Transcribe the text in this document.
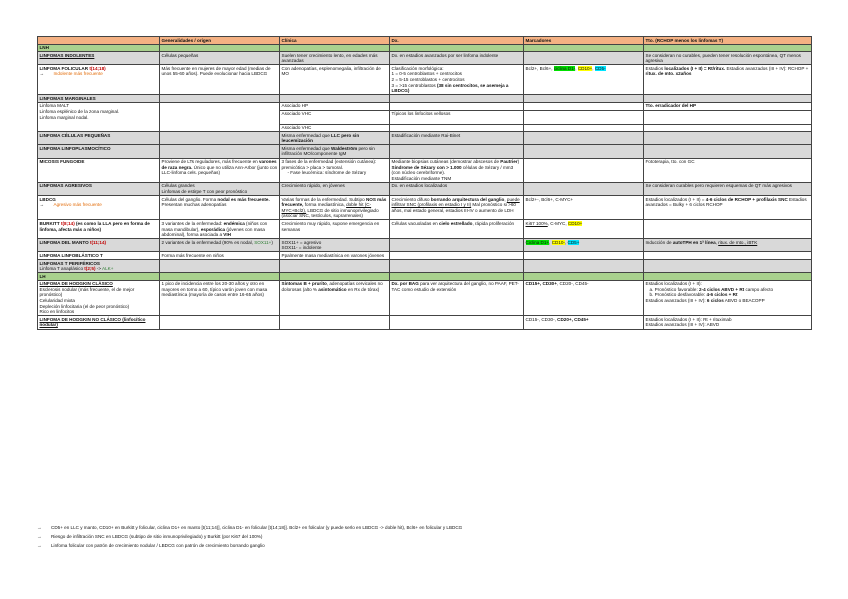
	Generalidades / origen	Clínica	Dx.	Marcadores	Tto. (RCHOP menos los linfomas T)
LNH					
LINFOMAS INDOLENTES	Células pequeñas	Suelen tener crecimiento lento, en edades más avanzadas	Dx. en estadios avanzados por ser linfoma indolente		Se consideran no curables, pueden tener resolución espontánea, QT menos agresiva
LINFOMA FOLICULAR t(14;18)
→ Indolente más frecuente	Más frecuente en mujeres de mayor edad (medias de unos 55-60 años). Puede evolucionar hacia LBDCG	Con adenopatías, esplenomegalia, infiltración de MO	Clasificación morfológica:
1 = 0-5 centroblastos + centrocitos
2 = 5-15 centroblastos + centrocitos
3 = >15 centroblastos (38 sin centrocitos, se asemeja a LBDCG)	Bcl2+, Bcl6+, ciclina D1-, CD10+, CD5-	Estadios localizados (I + II) = Rt/ritux. Estadios avanzados (III + IV): RCHOP + ritux. de mto. x2años
LINFOMAS MARGINALES					
Linfoma MALT
Linfoma esplénico de la zona marginal.
Linfoma marginal nodal.		Asociado HP			Tto. erradicador del HP
		Asociado VHC	Típicos los linfocitos vellosos		
		Asociado VHC			
LINFOMA CÉLULAS PEQUEÑAS		Misma enfermedad que LLC pero sin leucemización	Estadificación mediante Rai-Binet		
LINFOMA LINFOPLASMOCÍTICO		Misma enfermedad que Waldeström pero sin infiltración MO/componente IgM			
MICOSIS FUNGOIDE	Proviene de LTs reguladores, más frecuente en varones de raza negra. Único que no utiliza Ann-Arbor (junto con LLC-linfoma cels. pequeñas)	3 fases de la enfermedad (extensión cutánea): premicótica > placa > tumoral.
- Fase leucémica: síndrome de Sézary	Mediante biopsias cutáneas (demostrar abscesos de Pautrier)
Síndrome de Sézary con > 1.000 células de Sézary / mm3 (con núcleo cerebriforme).
Estadificación mediante TNM		Fototerapia, tto. con GC
LINFOMAS AGRESIVOS	Células grandes
Linfomas de estirpe T con peor pronóstico	Crecimiento rápido, en jóvenes	Dx. en estadios localizados		Se consideran curables pero requieren esquemas de QT más agresivos
LBDCG
→ Agresivo más frecuente	Células del ganglio. Forma nodal es más frecuente. Presentan muchas adenopatías	Varias formas de la enfermedad. Subtipo NOS más frecuente, forma mediastínica, doble hit (C-MYC+Bcl2), LBDCG de sitio inmunoprivilegiado (asociar SNC, testículos, suprarrenales)	Crecimiento difuso borrando arquitectura del ganglio, puede infiltrar SNC (profilaxis en estadio I y II) Mal pronóstico si >60 años, mal estado general, estadios III-IV o aumento de LDH	Bcl2+-, Bcl6+, C-MYC+	Estadios localizados (I + II) = 4-6 ciclos de RCHOP + profilaxis SNC Estadios avanzados = Bulky + 6 ciclos RCHOP
BURKITT t(8;14) (es como la LLA pero en forma de linfoma, afecta más a niños)	3 variantes de la enfermedad: endémica (niños con masa mandibular), esporádica (jóvenes con masa abdominal), forma asociada a VIH	Crecimiento muy rápido, supone emergencia en semanas	Células vacuoladas en cielo estrellado, rápida proliferación	Ki67 100%, C-MYC, CD10+	
LINFOMA DEL MANTO t(11;14)	2 variantes de la enfermedad (90% es nodal, SOX11+)	SOX11+ = agresivo
SOX11- = indolente		Ciclina D1+, CD10-, CD5+	Inducción de autoTPH en 1ª línea, ritux. de mto., iBTK
LINFOMA LINFOBLÁSTICO T	Forma más frecuente en niños	Ppalmente masa mediastínica en varones jóvenes			
LINFOMAS T PERIFÉRICOS
Linfoma T anaplásico t(2;5) -> ALK+					
LH					
LINFOMA DE HODGKIN CLÁSICO
Esclerosis nodular (más frecuente, el de mejor pronóstico)
Celularidad mixta
Depleción linfocitaria (el de peor pronóstico)
Rico en linfocitos	1 pico de incidencia entre los 20-30 años y otro en mayores en torno a 60, típico varón joven con masa mediastínica (mayoría de casos entre 16-65 años)	Síntomas B + prurito, adenopatías cervicales no dolorosas (alto % asintomático en Rx de tórax)	Dx. por BAG para ver arquitectura del ganglio, no PAAF, PET-TAC como estudio de extensión	CD15+, CD30+, CD20-, CD45-	Estadios localizados (I + II):
a. Pronóstico favorable: 2-4 ciclos ABVD + Rt campo afecto
b. Pronóstico desfavorable: 4-6 ciclos + Rt
Estadios avanzados (III + IV): 6 ciclos ABVD o BEACOPP
LINFOMA DE HODGKIN NO CLÁSICO (linfocítico nodular)				CD15-, CD30-, CD20+, CD45+	Estadios localizados (I + II): Rt + rituximab
Estadios avanzados (III + IV): ABVD
→ CD5+ en LLC y manto, CD10+ en Burkitt y folicular, ciclina D1+ en manto [t(11;14)], ciclina D1- en folicular [t(14;18)]. Bcl2+ en folicular (y puede serlo en LBDCG -> doble hit), Bcl6+ en folicular y LBDCG
→ Riesgo de infiltración SNC en LBDCG (subtipo de sitio inmunoprivilegiado) y Burkitt (por Ki67 del 100%)
→ Linfoma folicular con patrón de crecimiento nodular / LBDCG con patrón de crecimiento borrando ganglio
